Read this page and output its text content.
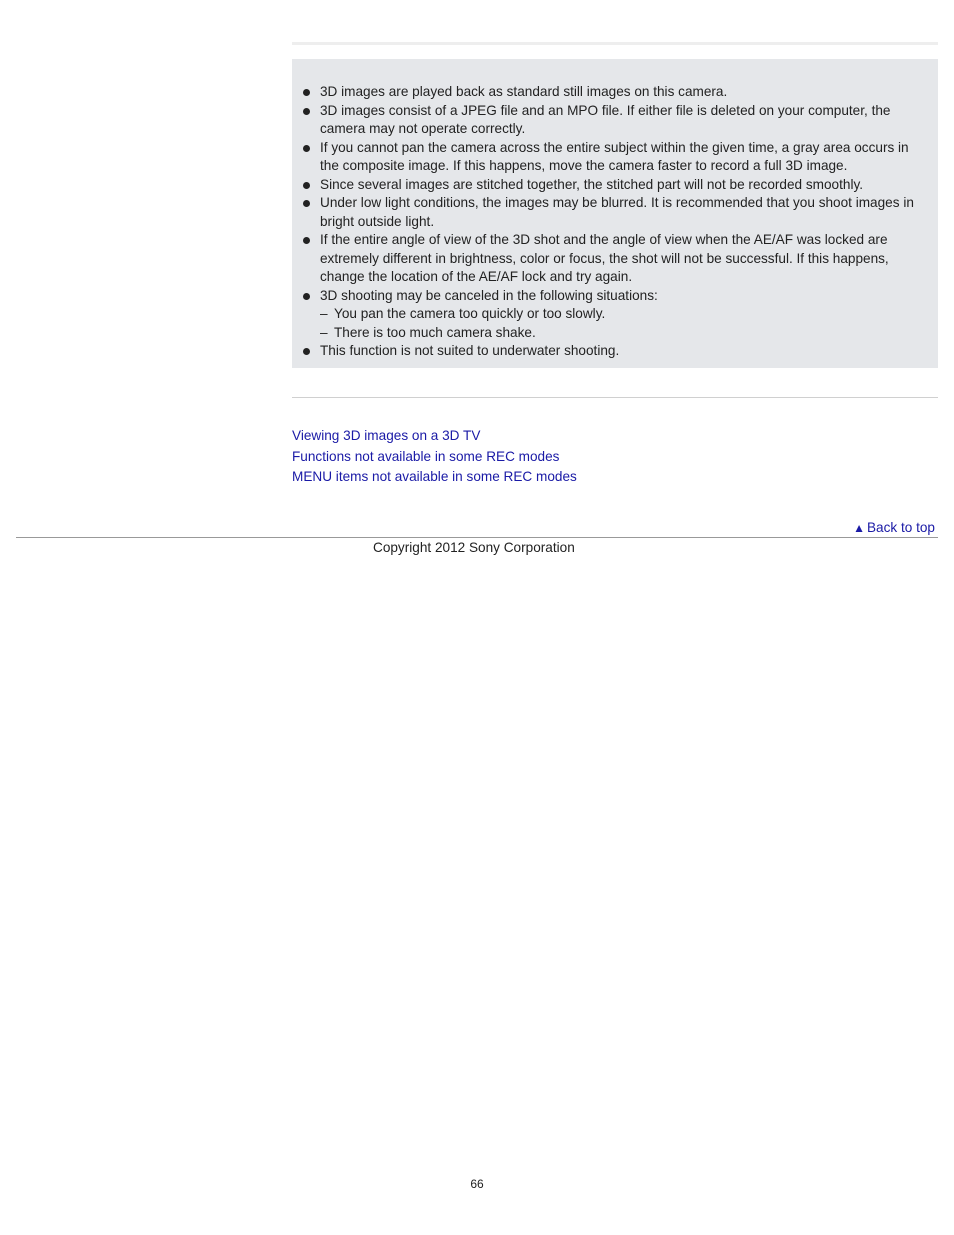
3D images are played back as standard still images on this camera.
3D images consist of a JPEG file and an MPO file. If either file is deleted on your computer, the camera may not operate correctly.
If you cannot pan the camera across the entire subject within the given time, a gray area occurs in the composite image. If this happens, move the camera faster to record a full 3D image.
Since several images are stitched together, the stitched part will not be recorded smoothly.
Under low light conditions, the images may be blurred. It is recommended that you shoot images in bright outside light.
If the entire angle of view of the 3D shot and the angle of view when the AE/AF was locked are extremely different in brightness, color or focus, the shot will not be successful. If this happens, change the location of the AE/AF lock and try again.
3D shooting may be canceled in the following situations:
– You pan the camera too quickly or too slowly.
– There is too much camera shake.
This function is not suited to underwater shooting.
Viewing 3D images on a 3D TV
Functions not available in some REC modes
MENU items not available in some REC modes
▲ Back to top
Copyright 2012 Sony Corporation
66
